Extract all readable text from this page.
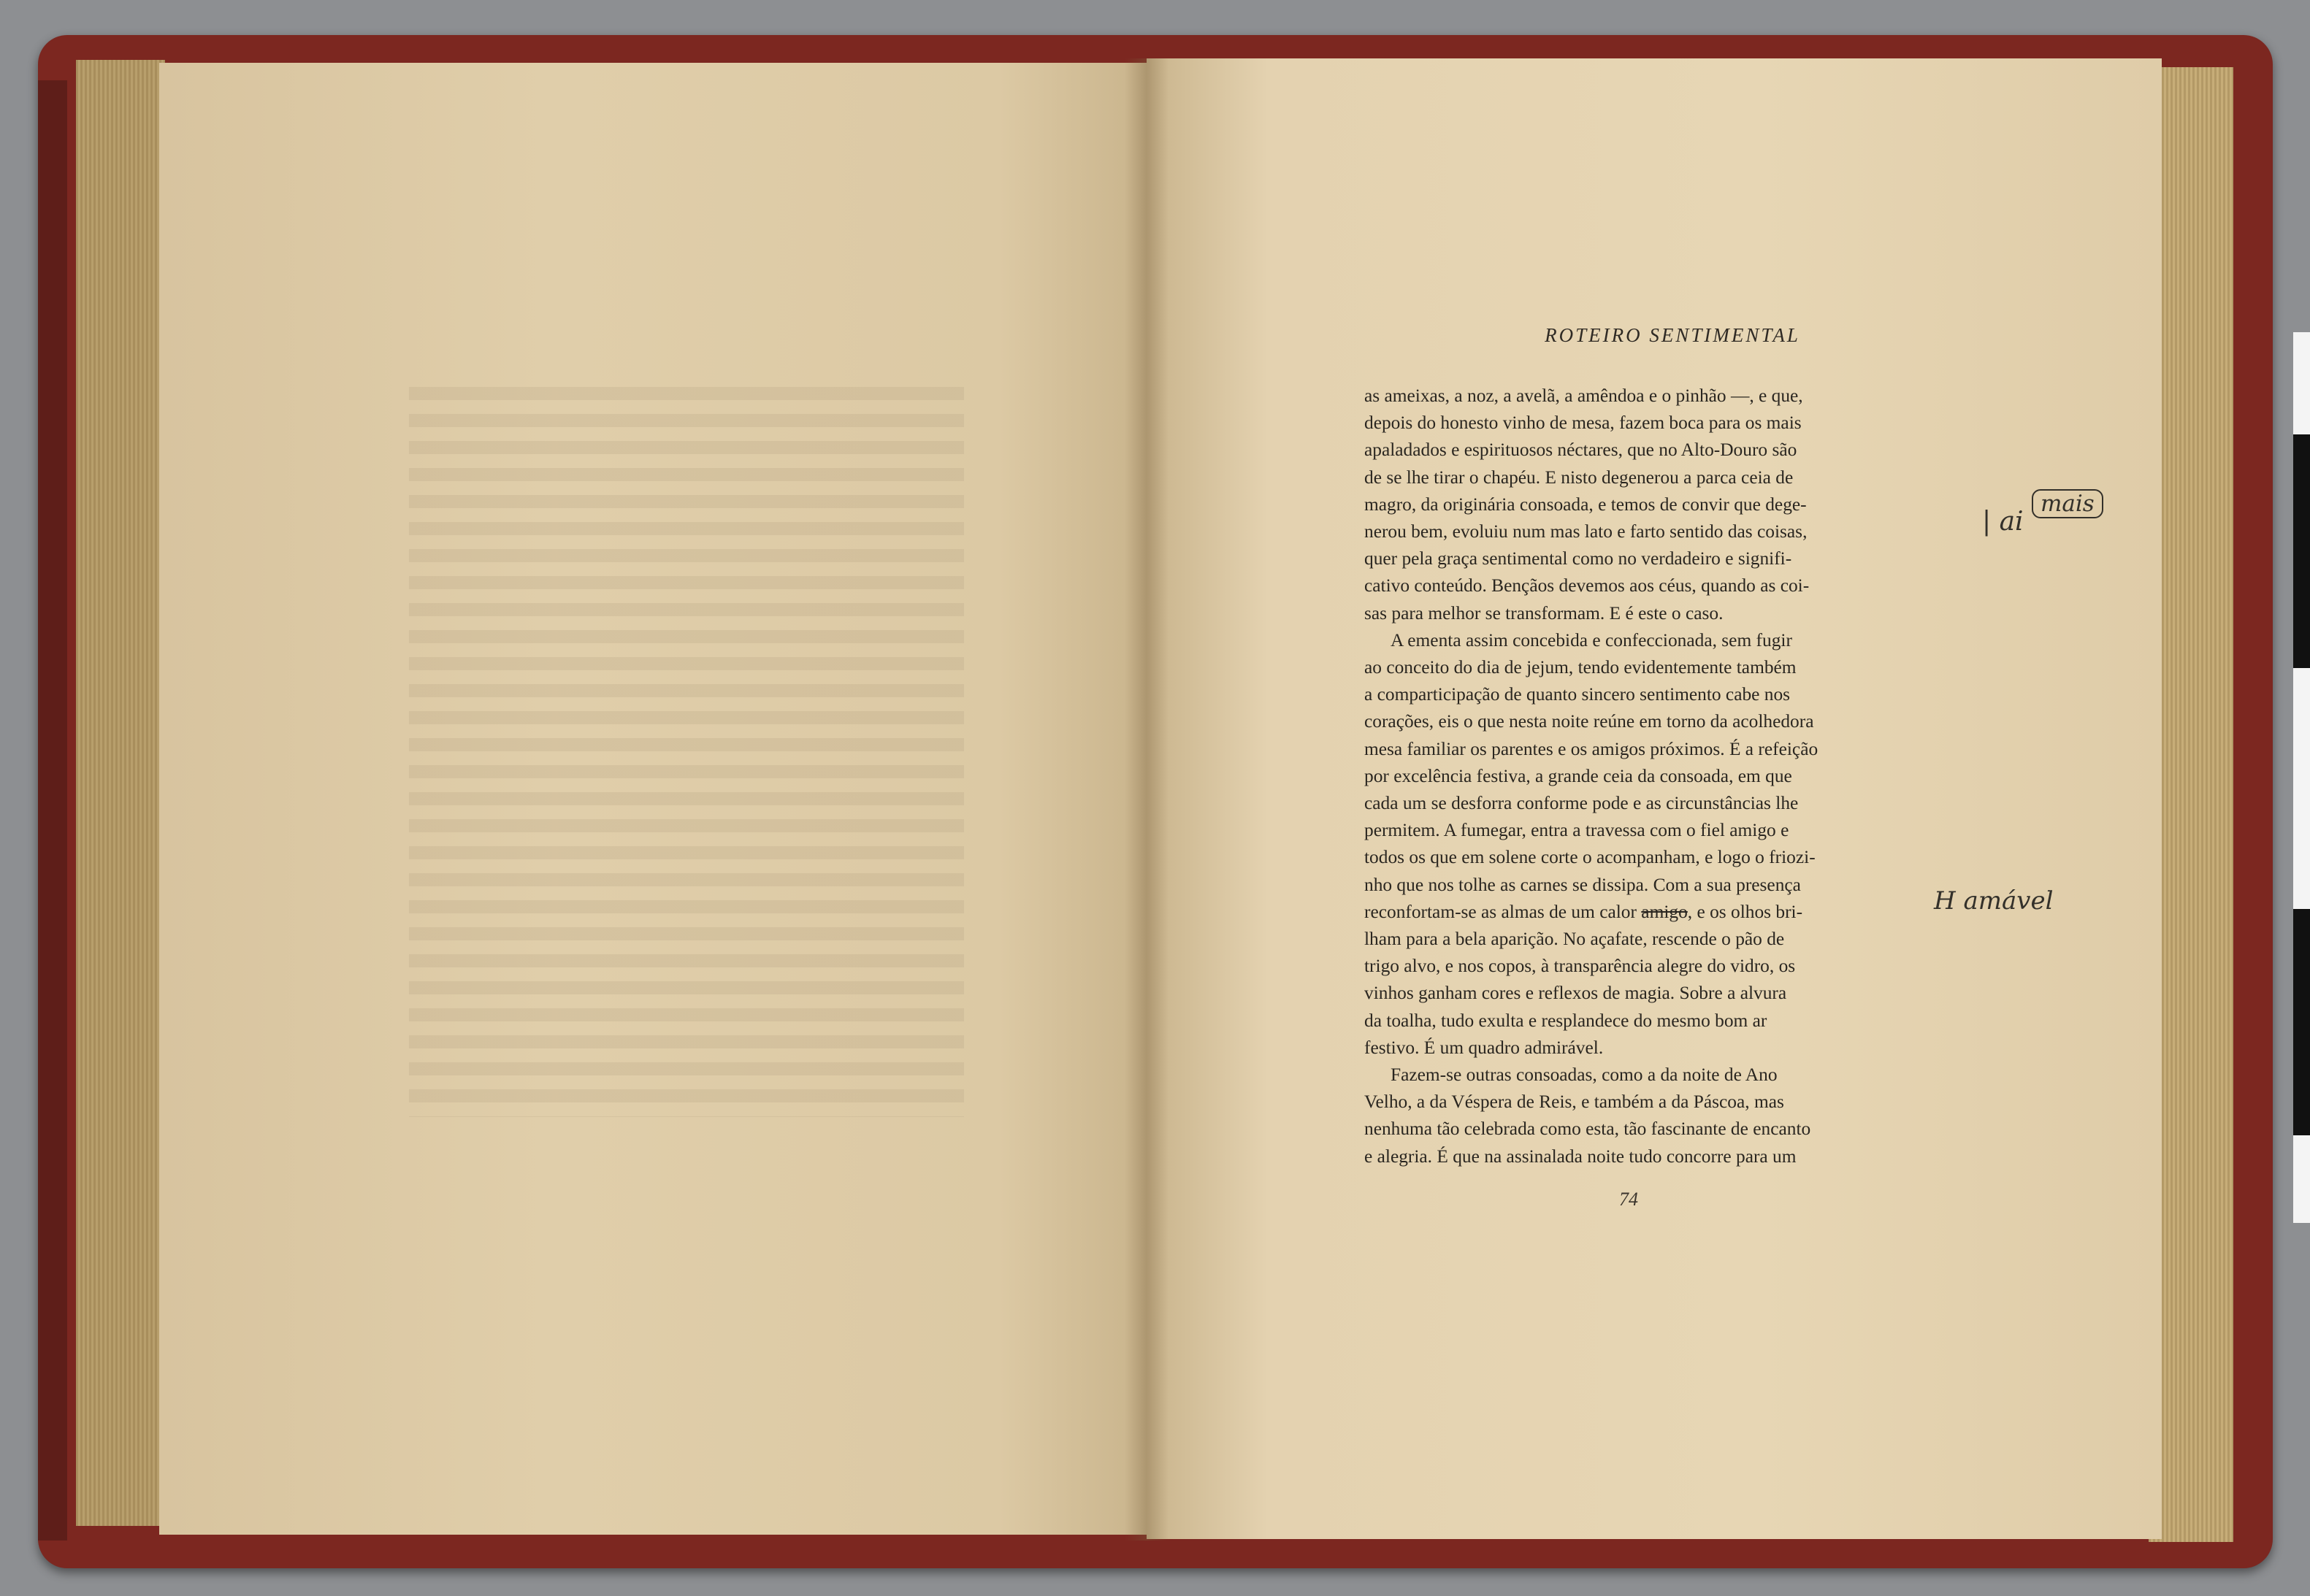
ROTEIRO SENTIMENTAL

as ameixas, a noz, a avelã, a amêndoa e o pinhão —, e que,

depois do honesto vinho de mesa, fazem boca para os mais

apaladados e espirituosos néctares, que no Alto-Douro são

de se lhe tirar o chapéu. E nisto degenerou a parca ceia de

magro, da originária consoada, e temos de convir que dege-

nerou bem, evoluiu num mas lato e farto sentido das coisas,

quer pela graça sentimental como no verdadeiro e signifi-

cativo conteúdo. Bençãos devemos aos céus, quando as coi-

sas para melhor se transformam. E é este o caso.

A ementa assim concebida e confeccionada, sem fugir

ao conceito do dia de jejum, tendo evidentemente também

a comparticipação de quanto sincero sentimento cabe nos

corações, eis o que nesta noite reúne em torno da acolhedora

mesa familiar os parentes e os amigos próximos. É a refeição

por excelência festiva, a grande ceia da consoada, em que

cada um se desforra conforme pode e as circunstâncias lhe

permitem. A fumegar, entra a travessa com o fiel amigo e

todos os que em solene corte o acompanham, e logo o friozi-

nho que nos tolhe as carnes se dissipa. Com a sua presença

reconfortam-se as almas de um calor amigo, e os olhos bri-

lham para a bela aparição. No açafate, rescende o pão de

trigo alvo, e nos copos, à transparência alegre do vidro, os

vinhos ganham cores e reflexos de magia. Sobre a alvura

da toalha, tudo exulta e resplandece do mesmo bom ar

festivo. É um quadro admirável.

Fazem-se outras consoadas, como a da noite de Ano

Velho, a da Véspera de Reis, e também a da Páscoa, mas

nenhuma tão celebrada como esta, tão fascinante de encanto

e alegria. É que na assinalada noite tudo concorre para um

74
| ai
mais
H amável
